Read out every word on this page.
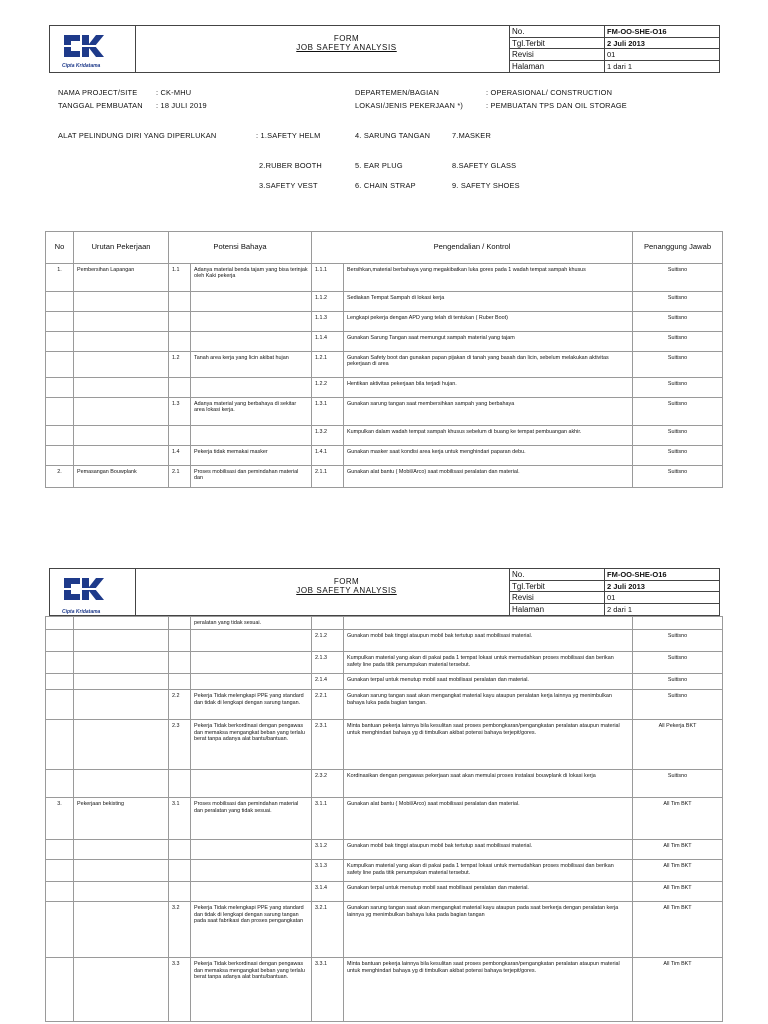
Cipta Kridatama
FORM
JOB SAFETY ANALYSIS
No.	FM-OO-SHE-O16
Tgl.Terbit	2 Juli 2013
Revisi	01
Halaman	1 dari 1
NAMA PROJECT/SITE	: CK-MHU
TANGGAL PEMBUATAN : 18 JULI 2019
DEPARTEMEN/BAGIAN	: OPERASIONAL/ CONSTRUCTION
LOKASI/JENIS PEKERJAAN *)	: PEMBUATAN TPS DAN OIL STORAGE
ALAT PELINDUNG DIRI YANG DIPERLUKAN	: 1.SAFETY HELM	4. SARUNG TANGAN	7.MASKER
2.RUBER BOOTH	5. EAR PLUG	8.SAFETY GLASS
3.SAFETY VEST	6. CHAIN STRAP	9. SAFETY SHOES
No	Urutan Pekerjaan	Potensi Bahaya		Pengendalian / Kontrol		Penanggung Jawab
1.	Pembersihan Lapangan	1.1	Adanya material benda tajam yang bisa terinjak oleh Kaki pekerja	1.1.1	Bersihkan,material berbahaya yang megakibatkan luka gores pada 1 wadah tempat sampah khusus	Suitisno
				1.1.2	Sediakan Tempat Sampah di lokasi kerja	Suitisno
				1.1.3	Lengkapi pekerja dengan APD yang telah di tentukan ( Ruber Boot)	Suitisno
				1.1.4	Gunakan Sarung Tangan saat memungut sampah material yang tajam	Suitisno
		1.2	Tanah area kerja yang licin akibat hujan	1.2.1	Gunakan Safety boot dan gunakan papan pijakan di tanah yang basah dan licin, sebelum melakukan aktivitas pekerjaan di area	Suitisno
				1.2.2	Hentikan aktivitas pekerjaan bila terjadi hujan.	Suitisno
		1.3	Adanya material yang berbahaya di sekitar area lokasi kerja.	1.3.1	Gunakan sarung tangan saat membersihkan sampah yang berbahaya	Suitisno
				1.3.2	Kumpulkan dalam wadah tempat sampah khusus sebelum di buang ke tempat pembuangan akhir.	Suitisno
		1.4	Pekerja tidak memakai masker	1.4.1	Gunakan masker saat kondisi area kerja untuk menghindari paparan debu.	Suitisno
2.	Pemasangan Bouwplank	2.1	Proses mobilisasi dan pemindahan material dan	2.1.1	Gunakan alat bantu ( Mobil/Arco) saat mobilisasi peralatan dan material.	Suitisno
Cipta Kridatama
FORM
JOB SAFETY ANALYSIS
No.	FM-OO-SHE-O16
Tgl.Terbit	2 Juli 2013
Revisi	01
Halaman	2 dari 1
			peralatan yang tidak sesuai.			
				2.1.2	Gunakan mobil bak tinggi ataupun mobil bak tertutup saat mobilisasi material.	Suitisno
				2.1.3	Kumpulkan material yang akan di pakai pada 1 tempat lokasi untuk memudahkan proses mobilisasi dan berikan safety line pada titik penumpukan material tersebut.	Suitisno
				2.1.4	Gunakan terpal untuk menutup mobil saat mobilisasi peralatan dan material.	Suitisno
		2.2	Pekerja Tidak melengkapi PPE yang standard dan tidak di lengkapi dengan sarung tangan.	2.2.1	Gunakan sarung tangan saat akan mengangkat material kayu ataupun peralatan kerja lainnya yg menimbulkan bahaya luka pada bagian tangan.	Suitisno
		2.3	Pekerja Tidak berkordinasi dengan pengawas dan memaksa mengangkat beban yang terlalu berat tanpa adanya alat bantu/bantuan.	2.3.1	Minta bantuan pekerja lainnya bila kesulitan saat proses pembongkaran/pengangkatan peralatan ataupun material untuk menghindari bahaya yg di timbulkan akibat potensi bahaya terjepit/gores.	All Pekerja BKT
				2.3.2	Kordinasikan dengan pengawas pekerjaan saat akan memulai proses instalasi bouwplank di lokasi kerja	Suitisno
3.	Pekerjaan bekisting	3.1	Proses mobilisasi dan pemindahan material dan peralatan yang tidak sesuai.	3.1.1	Gunakan alat bantu ( Mobil/Arco) saat mobilisasi peralatan dan material.	All Tim BKT
				3.1.2	Gunakan mobil bak tinggi ataupun mobil bak tertutup saat mobilisasi material.	All Tim BKT
				3.1.3	Kumpulkan material yang akan di pakai pada 1 tempat lokasi untuk memudahkan proses mobilisasi dan berikan safety line pada titik penumpukan material tersebut.	All Tim BKT
				3.1.4	Gunakan terpal untuk menutup mobil saat mobilisasi peralatan dan material.	All Tim BKT
		3.2	Pekerja Tidak melengkapi PPE yang standard dan tidak di lengkapi dengan sarung tangan pada saat fabrikasi dan proses pengangkatan	3.2.1	Gunakan sarung tangan saat akan mengangkat material kayu ataupun pada saat berkerja dengan peralatan kerja lainnya yg menimbulkan bahaya luka pada bagian tangan	All Tim BKT
		3.3	Pekerja Tidak berkordinasi dengan pengawas dan memaksa mengangkat beban yang terlalu berat tanpa adanya alat bantu/bantuan.	3.3.1	Minta bantuan pekerja lainnya bila kesulitan saat proses pembongkaran/pengangkatan peralatan ataupun material untuk menghindari bahaya yg di timbulkan akibat potensi bahaya terjepit/gores.	All Tim BKT
